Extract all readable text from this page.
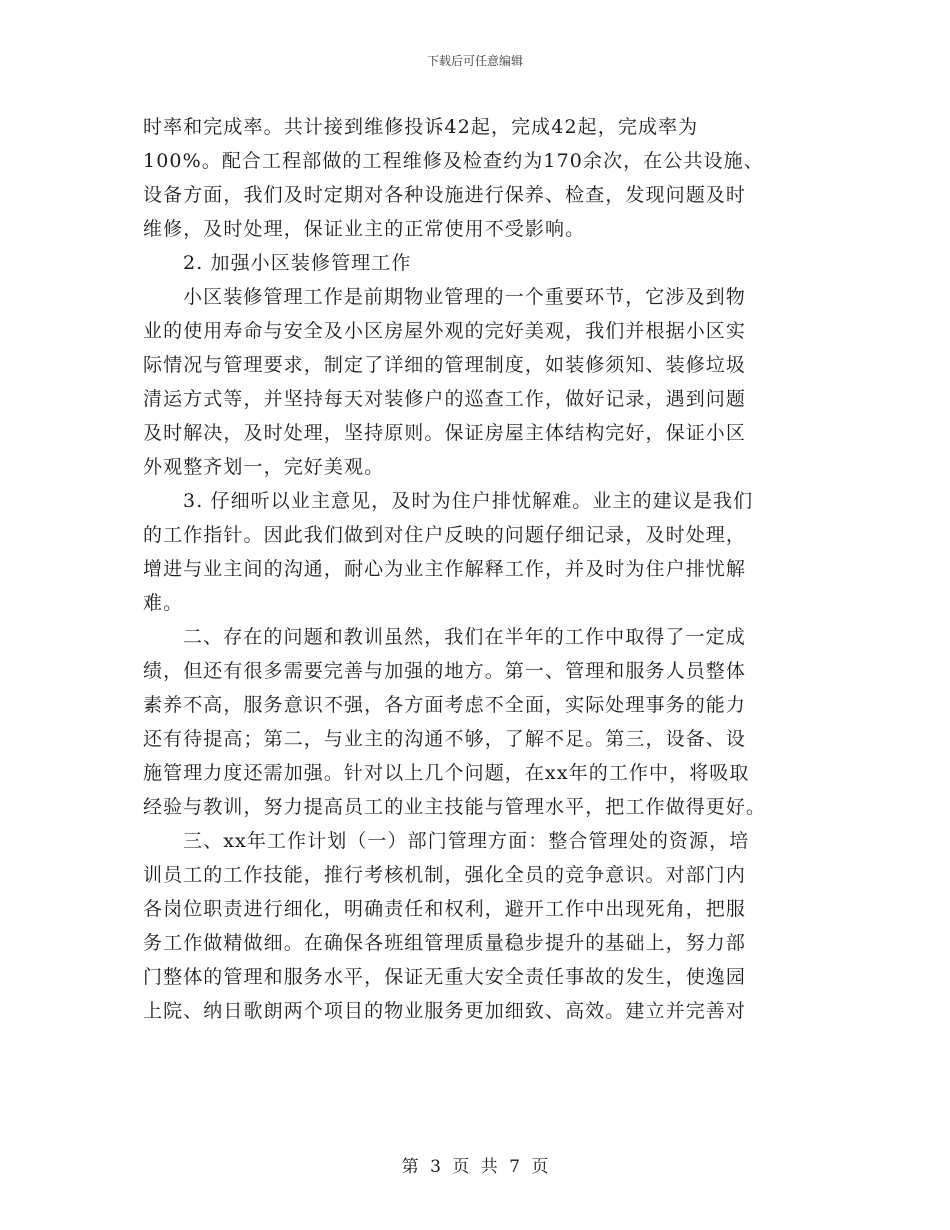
下载后可任意编辑
时率和完成率。共计接到维修投诉42起，完成42起，完成率为
100%。配合工程部做的工程维修及检查约为170余次，在公共设施、
设备方面，我们及时定期对各种设施进行保养、检查，发现问题及时
维修，及时处理，保证业主的正常使用不受影响。
2. 加强小区装修管理工作
小区装修管理工作是前期物业管理的一个重要环节，它涉及到物
业的使用寿命与安全及小区房屋外观的完好美观，我们并根据小区实
际情况与管理要求，制定了详细的管理制度，如装修须知、装修垃圾
清运方式等，并坚持每天对装修户的巡查工作，做好记录，遇到问题
及时解决，及时处理，坚持原则。保证房屋主体结构完好，保证小区
外观整齐划一，完好美观。
3. 仔细听以业主意见，及时为住户排忧解难。业主的建议是我们
的工作指针。因此我们做到对住户反映的问题仔细记录，及时处理，
增进与业主间的沟通，耐心为业主作解释工作，并及时为住户排忧解
难。
二、存在的问题和教训虽然，我们在半年的工作中取得了一定成
绩，但还有很多需要完善与加强的地方。第一、管理和服务人员整体
素养不高，服务意识不强，各方面考虑不全面，实际处理事务的能力
还有待提高；第二，与业主的沟通不够，了解不足。第三，设备、设
施管理力度还需加强。针对以上几个问题，在xx年的工作中，将吸取
经验与教训，努力提高员工的业主技能与管理水平，把工作做得更好。
三、xx年工作计划（一）部门管理方面：整合管理处的资源，培
训员工的工作技能，推行考核机制，强化全员的竞争意识。对部门内
各岗位职责进行细化，明确责任和权利，避开工作中出现死角，把服
务工作做精做细。在确保各班组管理质量稳步提升的基础上，努力部
门整体的管理和服务水平，保证无重大安全责任事故的发生，使逸园
上院、纳日歌朗两个项目的物业服务更加细致、高效。建立并完善对
第 3 页 共 7 页
